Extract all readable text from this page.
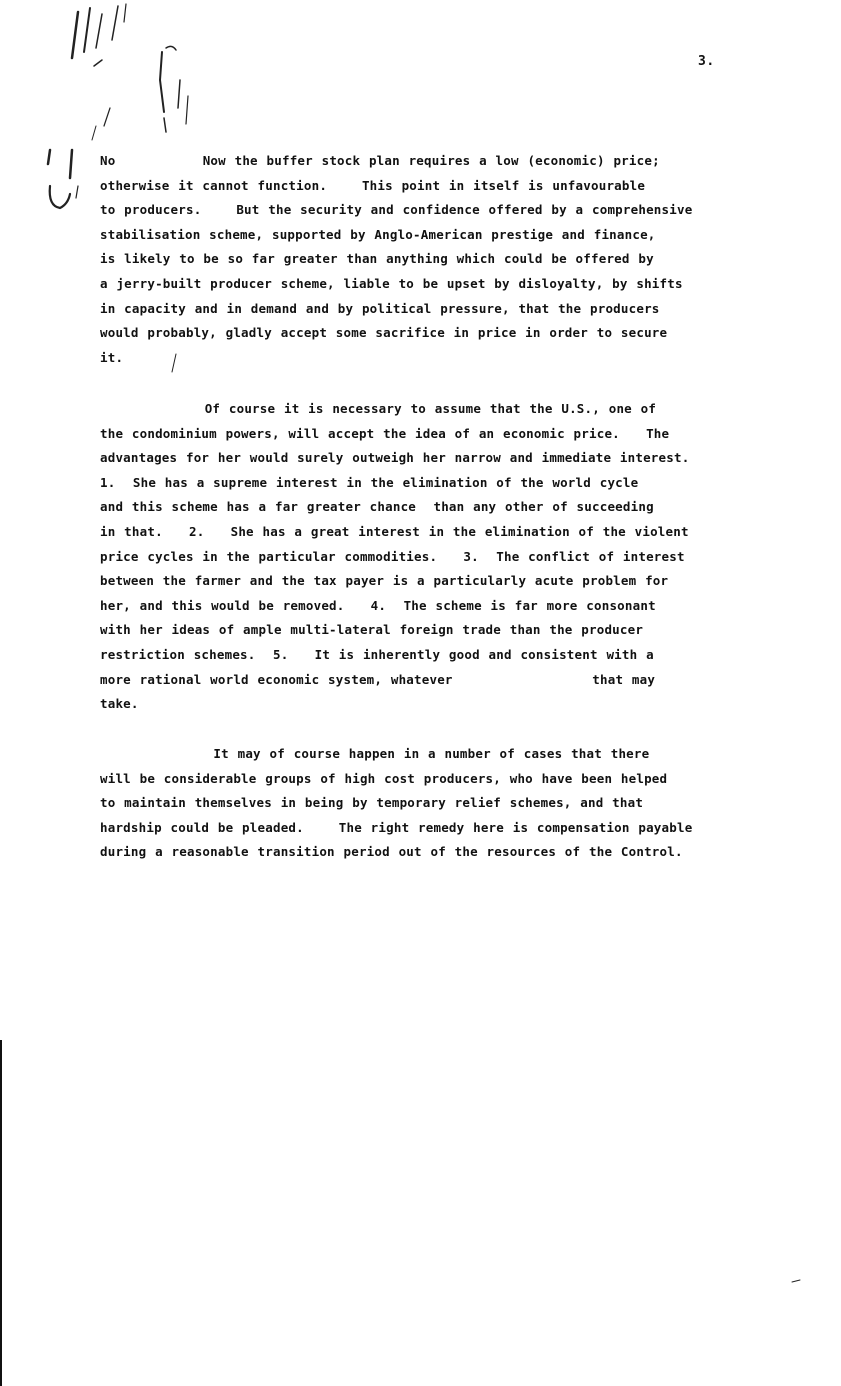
3.
No          Now the buffer stock plan requires a low (economic) price;
otherwise it cannot function.    This point in itself is unfavourable
to producers.    But the security and confidence offered by a comprehensive
stabilisation scheme, supported by Anglo-American prestige and finance,
is likely to be so far greater than anything which could be offered by
a jerry-built producer scheme, liable to be upset by disloyalty, by shifts
in capacity and in demand and by political pressure, that the producers
would probably, gladly accept some sacrifice in price in order to secure
it.
Of course it is necessary to assume that the U.S., one of
the condominium powers, will accept the idea of an economic price.   The
advantages for her would surely outweigh her narrow and immediate interest.
1.  She has a supreme interest in the elimination of the world cycle
and this scheme has a far greater chance  than any other of succeeding
in that.   2.   She has a great interest in the elimination of the violent
price cycles in the particular commodities.   3.  The conflict of interest
between the farmer and the tax payer is a particularly acute problem for
her, and this would be removed.   4.  The scheme is far more consonant
with her ideas of ample multi-lateral foreign trade than the producer
restriction schemes.  5.   It is inherently good and consistent with a
more rational world economic system, whatever                that may
take.
It may of course happen in a number of cases that there
will be considerable groups of high cost producers, who have been helped
to maintain themselves in being by temporary relief schemes, and that
hardship could be pleaded.    The right remedy here is compensation payable
during a reasonable transition period out of the resources of the Control.
